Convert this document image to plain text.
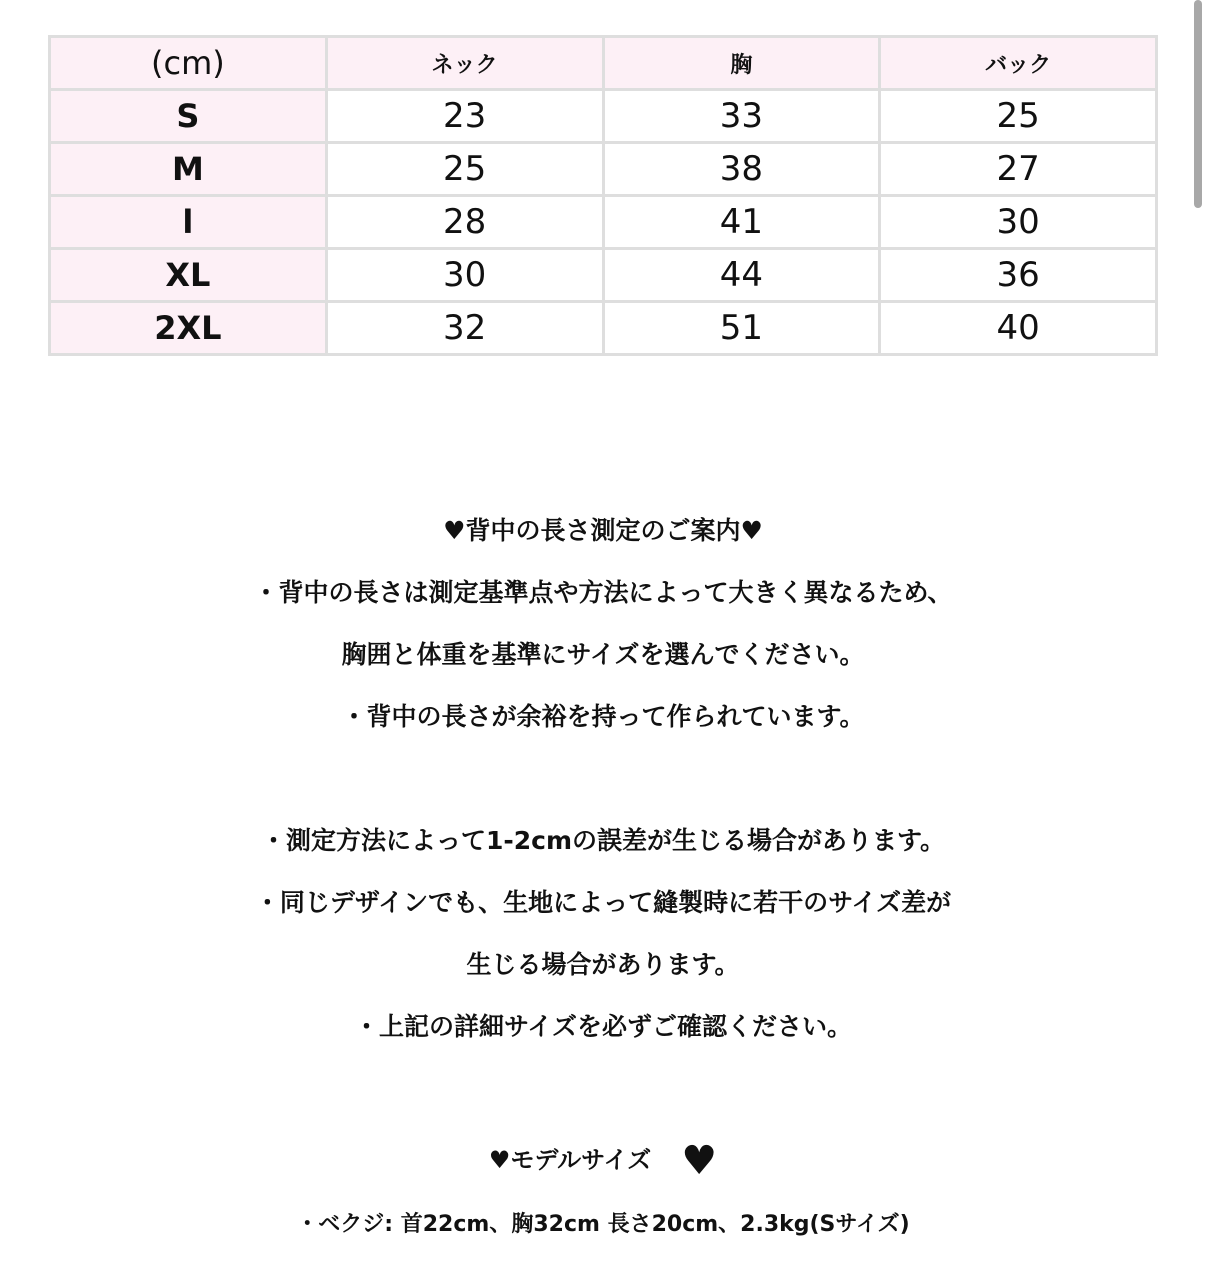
(cm)	ネック	胸	バック
S	23	33	25
M	25	38	27
l	28	41	30
XL	30	44	36
2XL	32	51	40
♥背中の長さ測定のご案内♥
・背中の長さは測定基準点や方法によって大きく異なるため、
胸囲と体重を基準にサイズを選んでください。
・背中の長さが余裕を持って作られています。
・測定方法によって1-2cmの誤差が生じる場合があります。
・同じデザインでも、生地によって縫製時に若干のサイズ差が
生じる場合があります。
・上記の詳細サイズを必ずご確認ください。
♥モデルサイズ ♥
・ベクジ: 首22cm、胸32cm 長さ20cm、2.3kg(Sサイズ)
